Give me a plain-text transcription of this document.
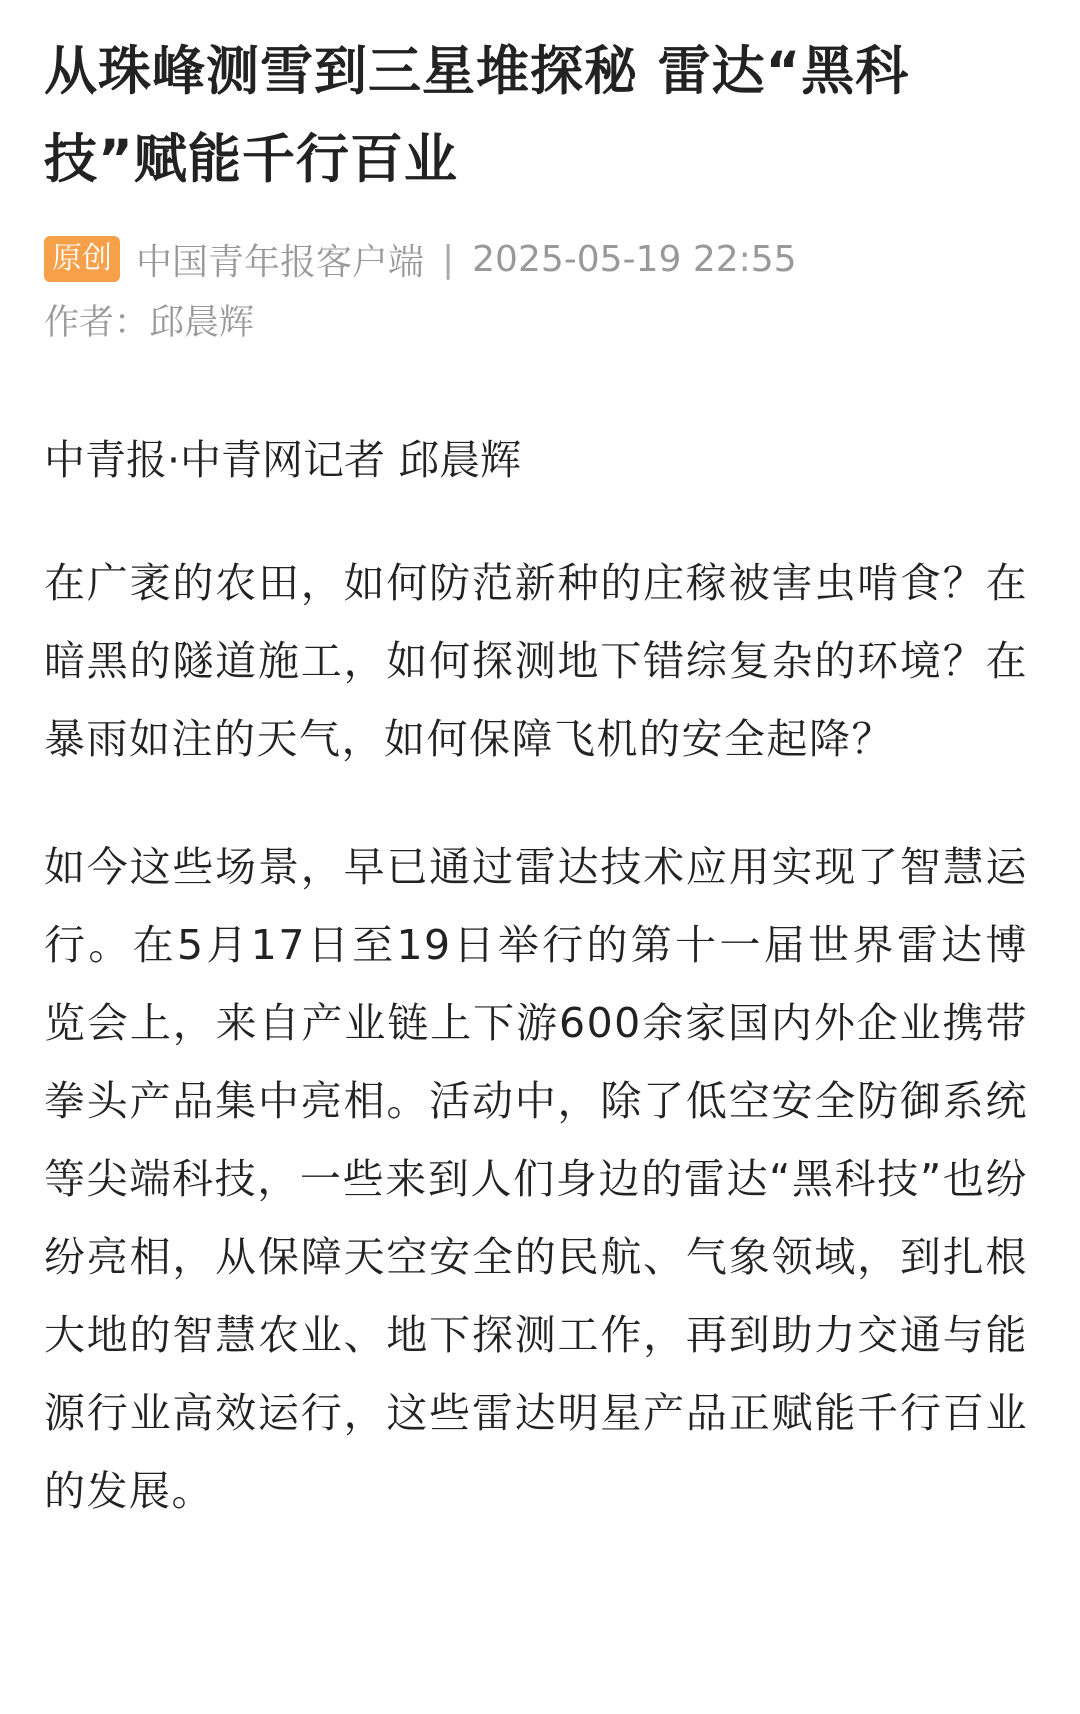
从珠峰测雪到三星堆探秘 雷达“黑科技”赋能千行百业
原创 中国青年报客户端 | 2025-05-19 22:55
作者：邱晨辉
中青报·中青网记者 邱晨辉

在广袤的农田，如何防范新种的庄稼被害虫啃食？在暗黑的隧道施工，如何探测地下错综复杂的环境？在暴雨如注的天气，如何保障飞机的安全起降？

如今这些场景，早已通过雷达技术应用实现了智慧运行。在5月17日至19日举行的第十一届世界雷达博览会上，来自产业链上下游600余家国内外企业携带拳头产品集中亮相。活动中，除了低空安全防御系统等尖端科技，一些来到人们身边的雷达“黑科技”也纷纷亮相，从保障天空安全的民航、气象领域，到扎根大地的智慧农业、地下探测工作，再到助力交通与能源行业高效运行，这些雷达明星产品正赋能千行百业的发展。
